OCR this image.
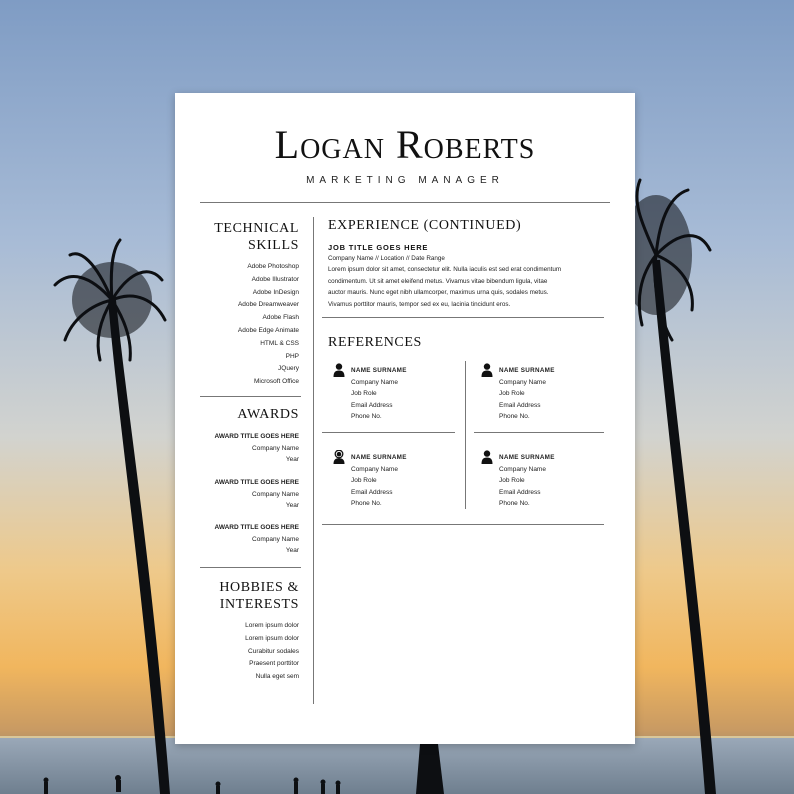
Logan Roberts
MARKETING MANAGER
TECHNICAL
SKILLS
Adobe Photoshop
Adobe Illustrator
Adobe InDesign
Adobe Dreamweaver
Adobe Flash
Adobe Edge Animate
HTML & CSS
PHP
JQuery
Microsoft Office
AWARDS
AWARD TITLE GOES HERE
Company Name
Year
AWARD TITLE GOES HERE
Company Name
Year
AWARD TITLE GOES HERE
Company Name
Year
HOBBIES &
INTERESTS
Lorem ipsum dolor
Lorem ipsum dolor
Curabitur sodales
Praesent porttitor
Nulla eget sem
EXPERIENCE (CONTINUED)
JOB TITLE GOES HERE
Company Name // Location // Date Range
Lorem ipsum dolor sit amet, consectetur elit. Nulla iaculis est sed erat condimentum
condimentum. Ut sit amet eleifend metus. Vivamus vitae bibendum ligula, vitae
auctor mauris. Nunc eget nibh ullamcorper, maximus urna quis, sodales metus.
Vivamus porttitor mauris, tempor sed ex eu, lacinia tincidunt eros.
REFERENCES
NAME SURNAME
Company Name
Job Role
Email Address
Phone No.
NAME SURNAME
Company Name
Job Role
Email Address
Phone No.
NAME SURNAME
Company Name
Job Role
Email Address
Phone No.
NAME SURNAME
Company Name
Job Role
Email Address
Phone No.
